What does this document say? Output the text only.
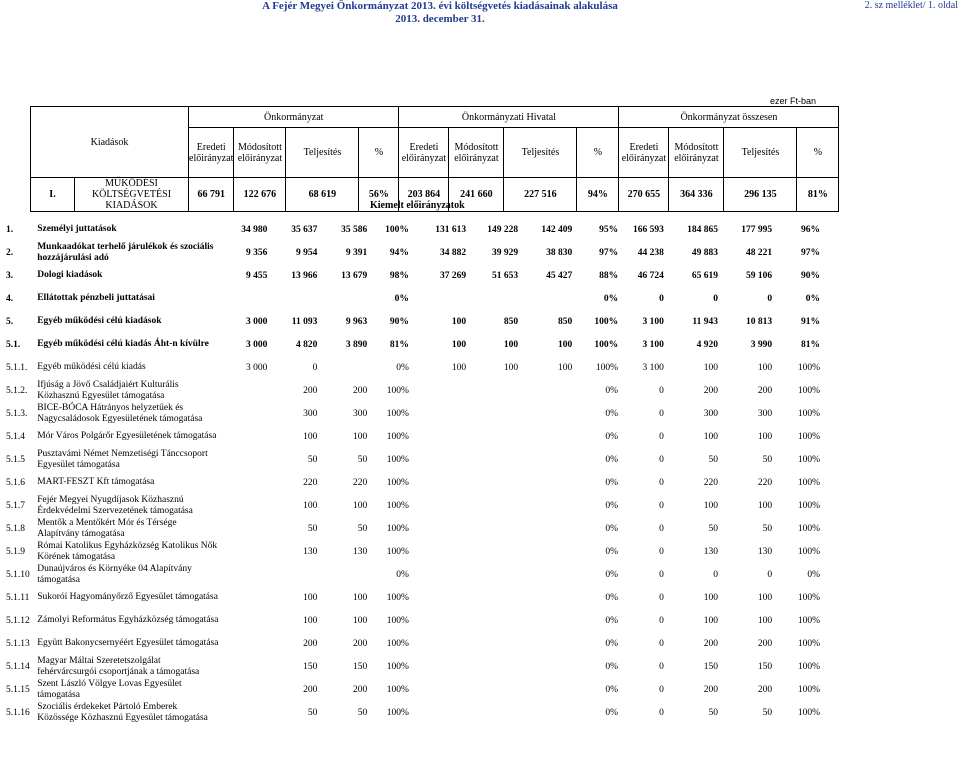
A Fejér Megyei Önkormányzat 2013. évi költségvetés kiadásainak alakulása
2013. december 31.
2. sz melléklet/ 1. oldal
ezer Ft-ban
Kiadások		Önkormányzat				Önkormányzati Hivatal				Önkormányzat összesen			
		Eredeti előirányzat	Módosított előirányzat	Teljesítés	%	Eredeti előirányzat	Módosított előirányzat	Teljesítés	%	Eredeti előirányzat	Módosított előirányzat	Teljesítés	%
I.	MŰKÖDÉSI KÖLTSÉGVETÉSI KIADÁSOK	66 791	122 676	68 619	56%	203 864	241 660	227 516	94%	270 655	364 336	296 135	81%
Kiemelt előirányzatok
1.	Személyi juttatások	34 980	35 637	35 586	100%	131 613	149 228	142 409	95%	166 593	184 865	177 995	96%
2.	Munkaadókat terhelő járulékok és szociális hozzájárulási adó	9 356	9 954	9 391	94%	34 882	39 929	38 830	97%	44 238	49 883	48 221	97%
3.	Dologi kiadások	9 455	13 966	13 679	98%	37 269	51 653	45 427	88%	46 724	65 619	59 106	90%
4.	Ellátottak pénzbeli juttatásai				0%				0%	0	0	0	0%
5.	Egyéb működési célú kiadások	3 000	11 093	9 963	90%	100	850	850	100%	3 100	11 943	10 813	91%
5.1.	Egyéb működési célú kiadás Áht-n kívülre	3 000	4 820	3 890	81%	100	100	100	100%	3 100	4 920	3 990	81%
5.1.1.	Egyéb működési célú kiadás	3 000	0		0%	100	100	100	100%	3 100	100	100	100%
5.1.2.	Ifjúság a Jövő Családjaiért Kulturális Közhasznú Egyesület támogatása		200	200	100%				0%	0	200	200	100%
5.1.3.	BICE-BÓCA Hátrányos helyzetűek és Nagycsaládosok Egyesületének támogatása		300	300	100%				0%	0	300	300	100%
5.1.4	Mór Város Polgárőr Egyesületének támogatása		100	100	100%				0%	0	100	100	100%
5.1.5	Pusztavámi Német Nemzetiségi Tánccsoport Egyesület támogatása		50	50	100%				0%	0	50	50	100%
5.1.6	MART-FESZT Kft támogatása		220	220	100%				0%	0	220	220	100%
5.1.7	Fejér Megyei Nyugdíjasok Közhasznú Érdekvédelmi Szervezetének támogatása		100	100	100%				0%	0	100	100	100%
5.1.8	Mentők a Mentőkért Mór és Térsége Alapítvány támogatása		50	50	100%				0%	0	50	50	100%
5.1.9	Római Katolikus Egyházközség Katolikus Nők Körének támogatása		130	130	100%				0%	0	130	130	100%
5.1.10	Dunaújváros és Környéke 04 Alapítvány támogatása				0%				0%	0	0	0	0%
5.1.11	Sukoróí Hagyományőrző Egyesület támogatása		100	100	100%				0%	0	100	100	100%
5.1.12	Zámolyi Református Egyházközség támogatása		100	100	100%				0%	0	100	100	100%
5.1.13	Együtt Bakonycsernyéért Egyesület támogatása		200	200	100%				0%	0	200	200	100%
5.1.14	Magyar Máltai Szeretetszolgálat fehérvárcsurgói csoportjának a támogatása		150	150	100%				0%	0	150	150	100%
5.1.15	Szent László Völgye Lovas Egyesület támogatása		200	200	100%				0%	0	200	200	100%
5.1.16	Szociális érdekeket Pártoló Emberek Közössége Közhasznú Egyesület támogatása		50	50	100%				0%	0	50	50	100%
